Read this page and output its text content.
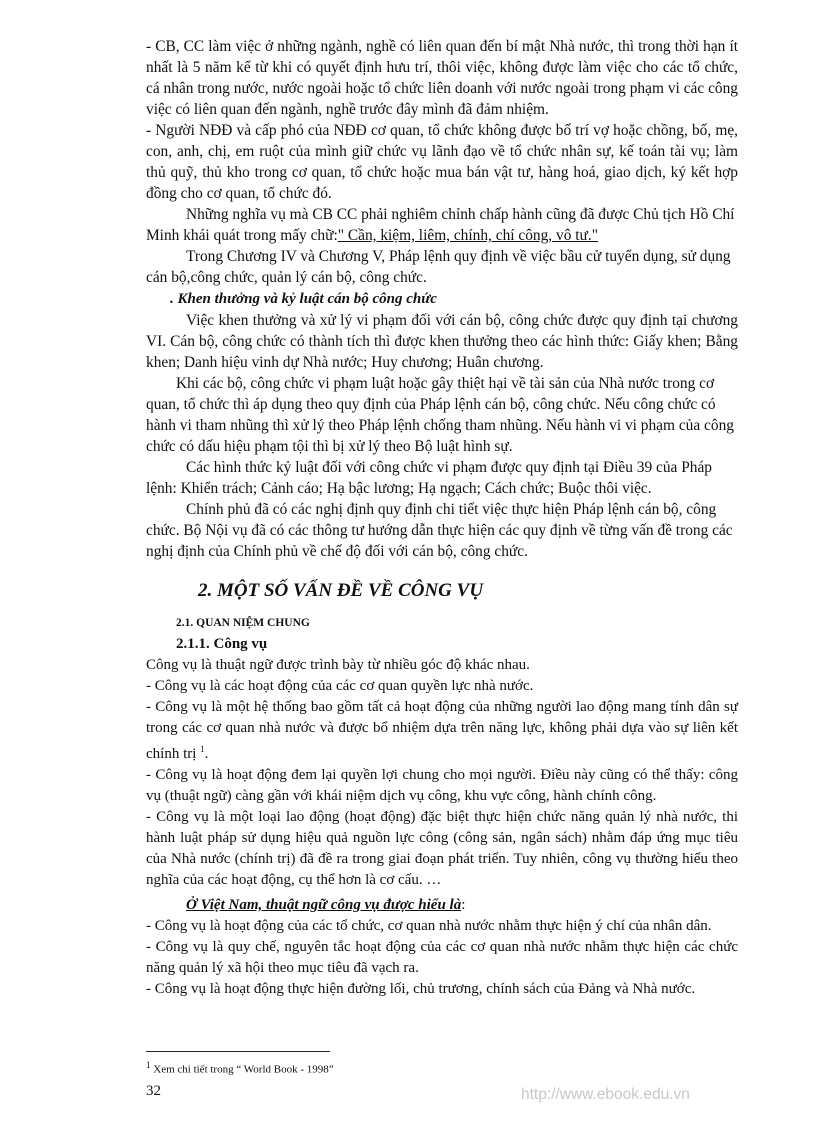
- CB, CC làm việc ở những ngành, nghề có liên quan đến bí mật Nhà nước, thì trong thời hạn ít nhất là 5 năm kể từ khi có quyết định hưu trí, thôi việc, không được làm việc cho các tổ chức, cá nhân trong nước, nước ngoài hoặc tổ chức liên doanh với nước ngoài trong phạm vi các công việc có liên quan đến ngành, nghề trước đây mình đã đảm nhiệm.

- Người NĐĐ và cấp phó của NĐĐ cơ quan, tổ chức không được bố trí vợ hoặc chồng, bố, mẹ, con, anh, chị, em ruột của mình giữ chức vụ lãnh đạo về tổ chức nhân sự, kế toán tài vụ; làm thủ quỹ, thủ kho trong cơ quan, tổ chức hoặc mua bán vật tư, hàng hoá, giao dịch, ký kết hợp đồng cho cơ quan, tổ chức đó.

Những nghĩa vụ mà CB CC phải nghiêm chỉnh chấp hành cũng đã được Chủ tịch Hồ Chí Minh khái quát trong mấy chữ:" Cần, kiệm, liêm, chính, chí công, vô tư."

Trong Chương IV và Chương V, Pháp lệnh quy định về việc bầu cử tuyển dụng, sử dụng cán bộ,công chức, quản lý cán bộ, công chức.

. Khen thưởng và kỷ luật cán bộ công chức

Việc khen thưởng và xử lý vi phạm đối với cán bộ, công chức được quy định tại chương VI. Cán bộ, công chức có thành tích thì được khen thưởng theo các hình thức: Giấy khen; Bằng khen; Danh hiệu vinh dự Nhà nước; Huy chương; Huân chương.

Khi các bộ, công chức vi phạm luật hoặc gây thiệt hại về tài sản của Nhà nước trong cơ quan, tổ chức thì áp dụng theo quy định của Pháp lệnh cán bộ, công chức. Nếu công chức có hành vi tham nhũng thì xử lý theo Pháp lệnh chống tham nhũng. Nếu hành vi vi phạm của công chức có dấu hiệu phạm tội thì bị xử lý theo Bộ luật hình sự.

Các hình thức kỷ luật đối với công chức vi phạm được quy định tại Điều 39 của Pháp lệnh: Khiển trách; Cảnh cáo; Hạ bậc lương; Hạ ngạch; Cách chức; Buộc thôi việc.

Chính phủ đã có các nghị định quy định chi tiết việc thực hiện Pháp lệnh cán bộ, công chức. Bộ Nội vụ đã có các thông tư hướng dẫn thực hiện các quy định về từng vấn đề trong các nghị định của Chính phủ về chế độ đối với cán bộ, công chức.

2. MỘT SỐ VẤN ĐỀ VỀ CÔNG VỤ

2.1. QUAN NIỆM CHUNG

2.1.1. Công vụ

Công vụ là thuật ngữ được trình bày từ nhiều góc độ khác nhau.

- Công vụ là các hoạt động của các cơ quan quyền lực nhà nước.

- Công vụ là một hệ thống bao gồm tất cả hoạt động của những người lao động mang tính dân sự trong các cơ quan nhà nước và được bổ nhiệm dựa trên năng lực, không phải dựa vào sự liên kết chính trị $^1$.

- Công vụ là hoạt động đem lại quyền lợi chung cho mọi người. Điều này cũng có thể thấy: công vụ (thuật ngữ) càng gần với khái niệm dịch vụ công, khu vực công, hành chính công.

- Công vụ là một loại lao động (hoạt động) đặc biệt thực hiện chức năng quản lý nhà nước, thi hành luật pháp sử dụng hiệu quả nguồn lực công (công sản, ngân sách) nhằm đáp ứng mục tiêu của Nhà nước (chính trị) đã đề ra trong giai đoạn phát triển. Tuy nhiên, công vụ thường hiểu theo nghĩa của các hoạt động, cụ thể hơn là cơ cấu. …

Ở Việt Nam, thuật ngữ công vụ được hiểu là:

- Công vụ là hoạt động của các tổ chức, cơ quan nhà nước nhằm thực hiện ý chí của nhân dân.

- Công vụ là quy chế, nguyên tắc hoạt động của các cơ quan nhà nước nhằm thực hiện các chức năng quản lý xã hội theo mục tiêu đã vạch ra.

- Công vụ là hoạt động thực hiện đường lối, chủ trương, chính sách của Đảng và Nhà nước.

$^1$ Xem chi tiết trong “ World Book - 1998”
32	http://www.ebook.edu.vn
